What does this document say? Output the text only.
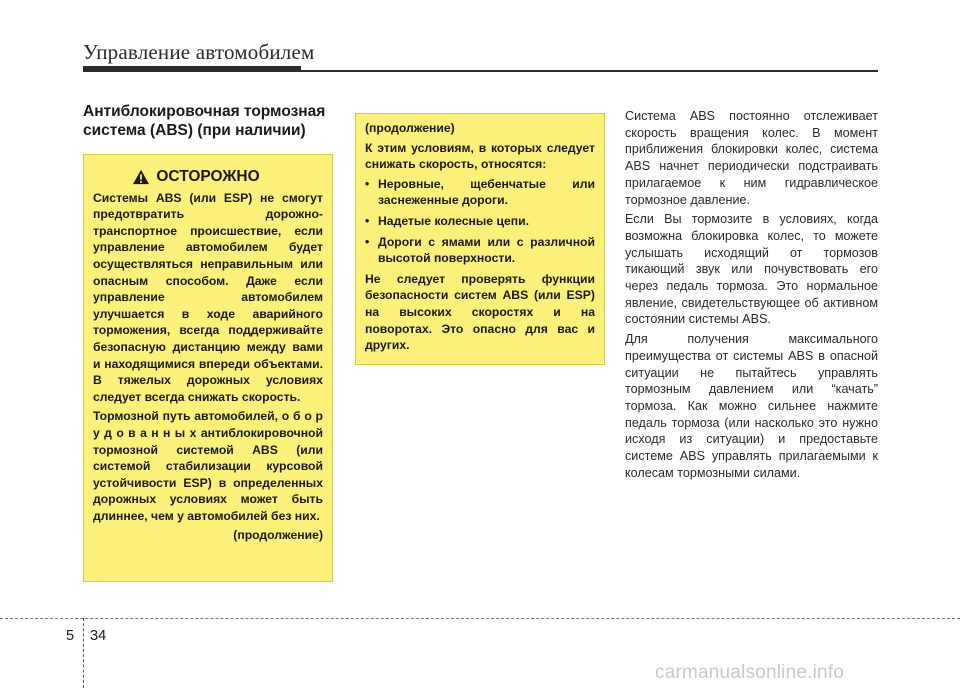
Управление автомобилем
Антиблокировочная тормозная система (ABS) (при наличии)
ОСТОРОЖНО

Системы ABS (или ESP) не смогут предотвратить дорожно-транспортное происшествие, если управление автомобилем будет осуществляться неправильным или опасным способом. Даже если управление автомобилем улучшается в ходе аварийного торможения, всегда поддерживайте безопасную дистанцию между вами и находящимися впереди объектами. В тяжелых дорожных условиях следует всегда снижать скорость.

Тормозной путь автомобилей, о б о р у д о в а н н ы х антиблокировочной тормозной системой ABS (или системой стабилизации курсовой устойчивости ESP) в определенных дорожных условиях может быть длиннее, чем у автомобилей без них.

(продолжение)

(продолжение)

К этим условиям, в которых следует снижать скорость, относятся:

• Неровные, щебенчатые или заснеженные дороги.
• Надетые колесные цепи.
• Дороги с ямами или с различной высотой поверхности.

Не следует проверять функции безопасности систем ABS (или ESP) на высоких скоростях и на поворотах. Это опасно для вас и других.

Система ABS постоянно отслеживает скорость вращения колес. В момент приближения блокировки колес, система ABS начнет периодически подстраивать прилагаемое к ним гидравлическое тормозное давление.

Если Вы тормозите в условиях, когда возможна блокировка колес, то можете услышать исходящий от тормозов тикающий звук или почувствовать его через педаль тормоза. Это нормальное явление, свидетельствующее об активном состоянии системы ABS.

Для получения максимального преимущества от системы ABS в опасной ситуации не пытайтесь управлять тормозным давлением или “качать” тормоза. Как можно сильнее нажмите педаль тормоза (или насколько это нужно исходя из ситуации) и предоставьте системе ABS управлять прилагаемыми к колесам тормозными силами.

5 34
carmanualsonline.info
